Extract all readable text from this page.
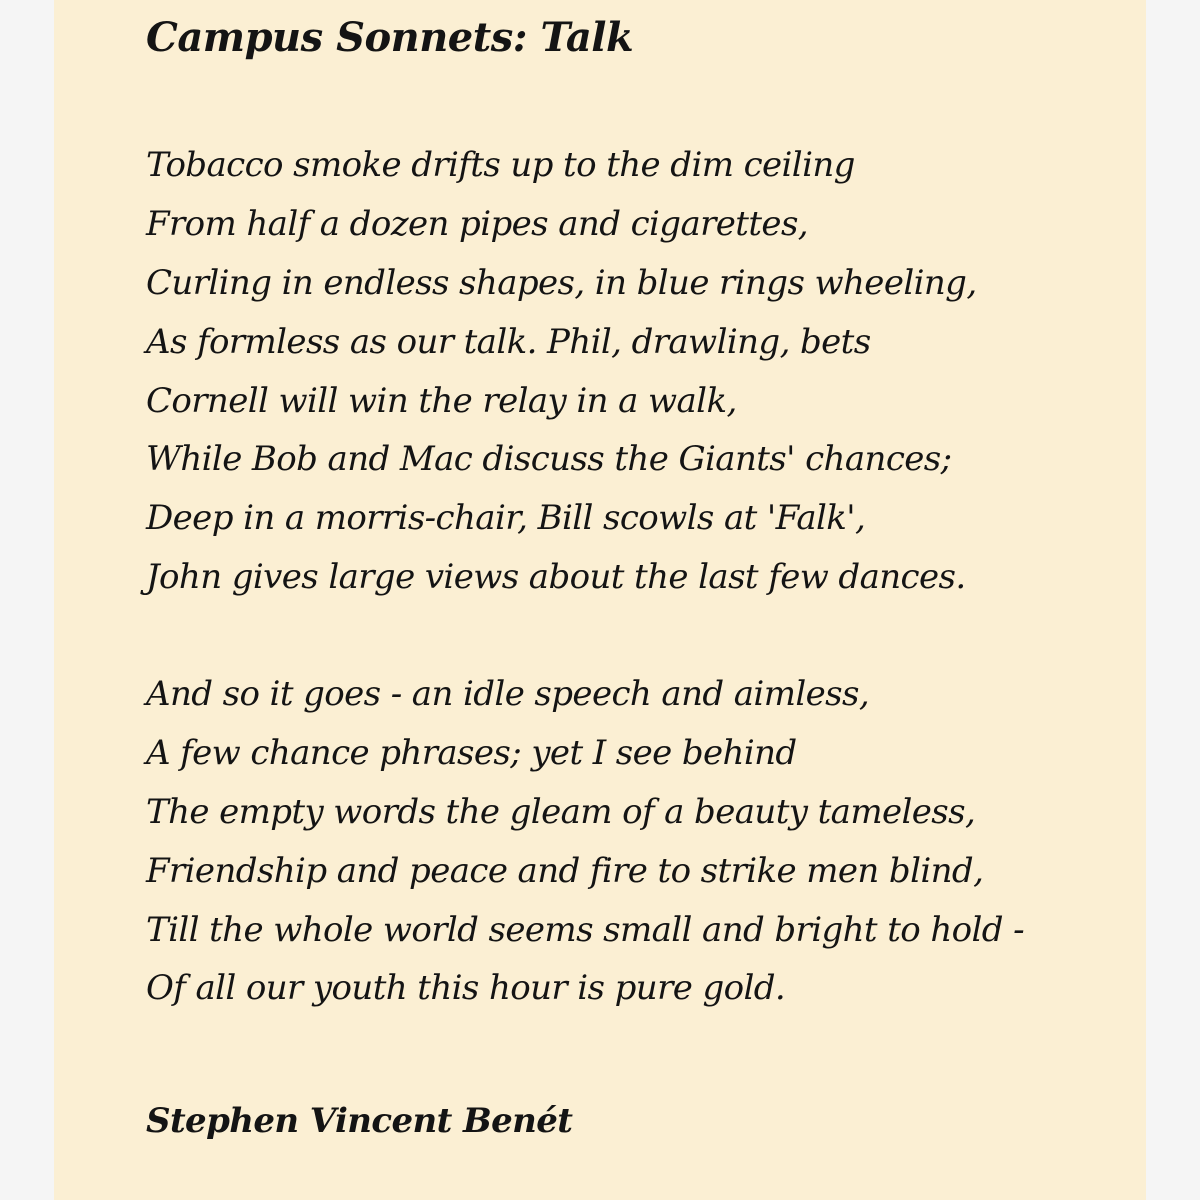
Campus Sonnets: Talk
Tobacco smoke drifts up to the dim ceiling
From half a dozen pipes and cigarettes,
Curling in endless shapes, in blue rings wheeling,
As formless as our talk. Phil, drawling, bets
Cornell will win the relay in a walk,
While Bob and Mac discuss the Giants' chances;
Deep in a morris-chair, Bill scowls at 'Falk',
John gives large views about the last few dances.
And so it goes - an idle speech and aimless,
A few chance phrases; yet I see behind
The empty words the gleam of a beauty tameless,
Friendship and peace and fire to strike men blind,
Till the whole world seems small and bright to hold -
Of all our youth this hour is pure gold.

Stephen Vincent Benét
